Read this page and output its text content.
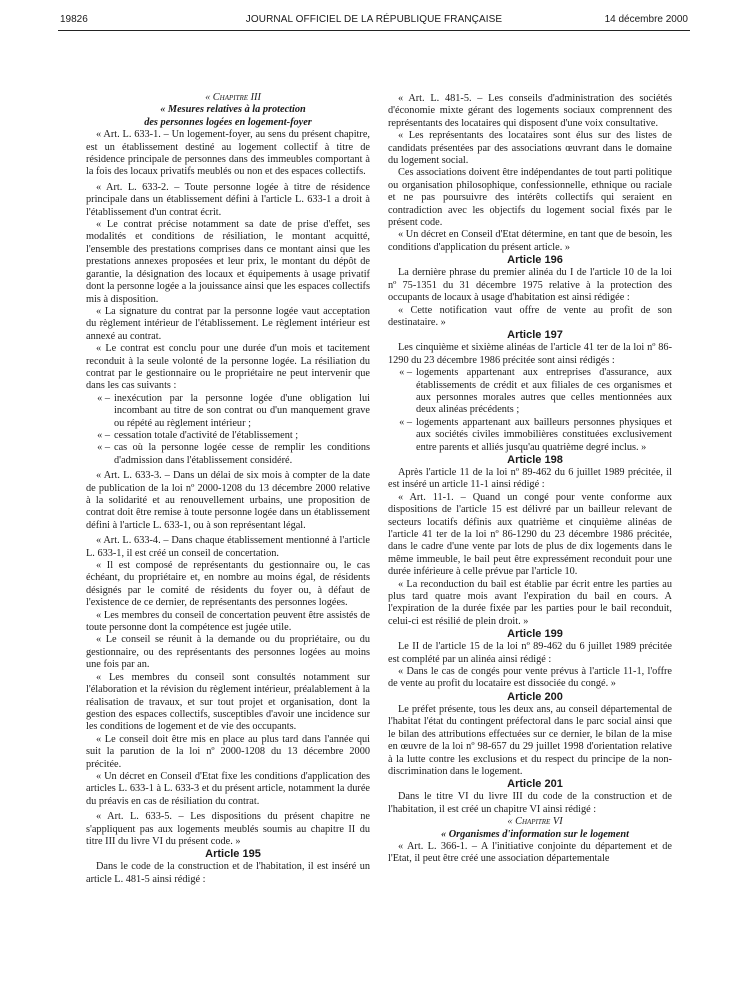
19826	JOURNAL OFFICIEL DE LA RÉPUBLIQUE FRANÇAISE	14 décembre 2000

« Chapitre III

« Mesures relatives à la protection
des personnes logées en logement-foyer

« Art. L. 633-1. – Un logement-foyer, au sens du présent chapitre, est un établissement destiné au logement collectif à titre de résidence principale de personnes dans des immeubles comportant à la fois des locaux privatifs meublés ou non et des espaces collectifs.

« Art. L. 633-2. – Toute personne logée à titre de résidence principale dans un établissement défini à l'article L. 633-1 a droit à l'établissement d'un contrat écrit.

« Le contrat précise notamment sa date de prise d'effet, ses modalités et conditions de résiliation, le montant acquitté, l'ensemble des prestations comprises dans ce montant ainsi que les prestations annexes proposées et leur prix, le montant du dépôt de garantie, la désignation des locaux et équipements à usage privatif dont la personne logée a la jouissance ainsi que les espaces collectifs mis à disposition.

« La signature du contrat par la personne logée vaut acceptation du règlement intérieur de l'établissement. Le règlement intérieur est annexé au contrat.

« Le contrat est conclu pour une durée d'un mois et tacitement reconduit à la seule volonté de la personne logée. La résiliation du contrat par le gestionnaire ou le propriétaire ne peut intervenir que dans les cas suivants :

« – inexécution par la personne logée d'une obligation lui incombant au titre de son contrat ou d'un manquement grave ou répété au règlement intérieur ;
« – cessation totale d'activité de l'établissement ;
« – cas où la personne logée cesse de remplir les conditions d'admission dans l'établissement considéré.

« Art. L. 633-3. – Dans un délai de six mois à compter de la date de publication de la loi nº 2000-1208 du 13 décembre 2000 relative à la solidarité et au renouvellement urbains, une proposition de contrat doit être remise à toute personne logée dans un établissement défini à l'article L. 633-1, ou à son représentant légal.

« Art. L. 633-4. – Dans chaque établissement mentionné à l'article L. 633-1, il est créé un conseil de concertation.

« Il est composé de représentants du gestionnaire ou, le cas échéant, du propriétaire et, en nombre au moins égal, de résidents désignés par le comité de résidents du foyer ou, à défaut de l'existence de ce dernier, de représentants des personnes logées.

« Les membres du conseil de concertation peuvent être assistés de toute personne dont la compétence est jugée utile.

« Le conseil se réunit à la demande ou du propriétaire, ou du gestionnaire, ou des représentants des personnes logées au moins une fois par an.

« Les membres du conseil sont consultés notamment sur l'élaboration et la révision du règlement intérieur, préalablement à la réalisation de travaux, et sur tout projet et organisation, dont la gestion des espaces collectifs, susceptibles d'avoir une incidence sur les conditions de logement et de vie des occupants.

« Le conseil doit être mis en place au plus tard dans l'année qui suit la parution de la loi nº 2000-1208 du 13 décembre 2000 précitée.

« Un décret en Conseil d'Etat fixe les conditions d'application des articles L. 633-1 à L. 633-3 et du présent article, notamment la durée du préavis en cas de résiliation du contrat.

« Art. L. 633-5. – Les dispositions du présent chapitre ne s'appliquent pas aux logements meublés soumis au chapitre II du titre III du livre VI du présent code. »

Article 195

Dans le code de la construction et de l'habitation, il est inséré un article L. 481-5 ainsi rédigé :

« Art. L. 481-5. – Les conseils d'administration des sociétés d'économie mixte gérant des logements sociaux comprennent des représentants des locataires qui disposent d'une voix consultative.

« Les représentants des locataires sont élus sur des listes de candidats présentées par des associations œuvrant dans le domaine du logement social.

Ces associations doivent être indépendantes de tout parti politique ou organisation philosophique, confessionnelle, ethnique ou raciale et ne pas poursuivre des intérêts collectifs qui seraient en contradiction avec les objectifs du logement social fixés par le présent code.

« Un décret en Conseil d'Etat détermine, en tant que de besoin, les conditions d'application du présent article. »

Article 196

La dernière phrase du premier alinéa du I de l'article 10 de la loi nº 75-1351 du 31 décembre 1975 relative à la protection des occupants de locaux à usage d'habitation est ainsi rédigée :

« Cette notification vaut offre de vente au profit de son destinataire. »

Article 197

Les cinquième et sixième alinéas de l'article 41 ter de la loi nº 86-1290 du 23 décembre 1986 précitée sont ainsi rédigés :

« – logements appartenant aux entreprises d'assurance, aux établissements de crédit et aux filiales de ces organismes et aux personnes morales autres que celles mentionnées aux deux alinéas précédents ;
« – logements appartenant aux bailleurs personnes physiques et aux sociétés civiles immobilières constituées exclusivement entre parents et alliés jusqu'au quatrième degré inclus. »

Article 198

Après l'article 11 de la loi nº 89-462 du 6 juillet 1989 précitée, il est inséré un article 11-1 ainsi rédigé :

« Art. 11-1. – Quand un congé pour vente conforme aux dispositions de l'article 15 est délivré par un bailleur relevant de secteurs locatifs définis aux quatrième et cinquième alinéas de l'article 41 ter de la loi nº 86-1290 du 23 décembre 1986 précitée, dans le cadre d'une vente par lots de plus de dix logements dans le même immeuble, le bail peut être expressément reconduit pour une durée inférieure à celle prévue par l'article 10.

« La reconduction du bail est établie par écrit entre les parties au plus tard quatre mois avant l'expiration du bail en cours. A l'expiration de la durée fixée par les parties pour le bail reconduit, celui-ci est résilié de plein droit. »

Article 199

Le II de l'article 15 de la loi nº 89-462 du 6 juillet 1989 précitée est complété par un alinéa ainsi rédigé :

« Dans le cas de congés pour vente prévus à l'article 11-1, l'offre de vente au profit du locataire est dissociée du congé. »

Article 200

Le préfet présente, tous les deux ans, au conseil départemental de l'habitat l'état du contingent préfectoral dans le parc social ainsi que le bilan des attributions effectuées sur ce dernier, le bilan de la mise en œuvre de la loi nº 98-657 du 29 juillet 1998 d'orientation relative à la lutte contre les exclusions et du respect du principe de la non-discrimination dans le logement.

Article 201

Dans le titre VI du livre III du code de la construction et de l'habitation, il est créé un chapitre VI ainsi rédigé :

« Chapitre VI

« Organismes d'information sur le logement

« Art. L. 366-1. – A l'initiative conjointe du département et de l'Etat, il peut être créé une association départementale
